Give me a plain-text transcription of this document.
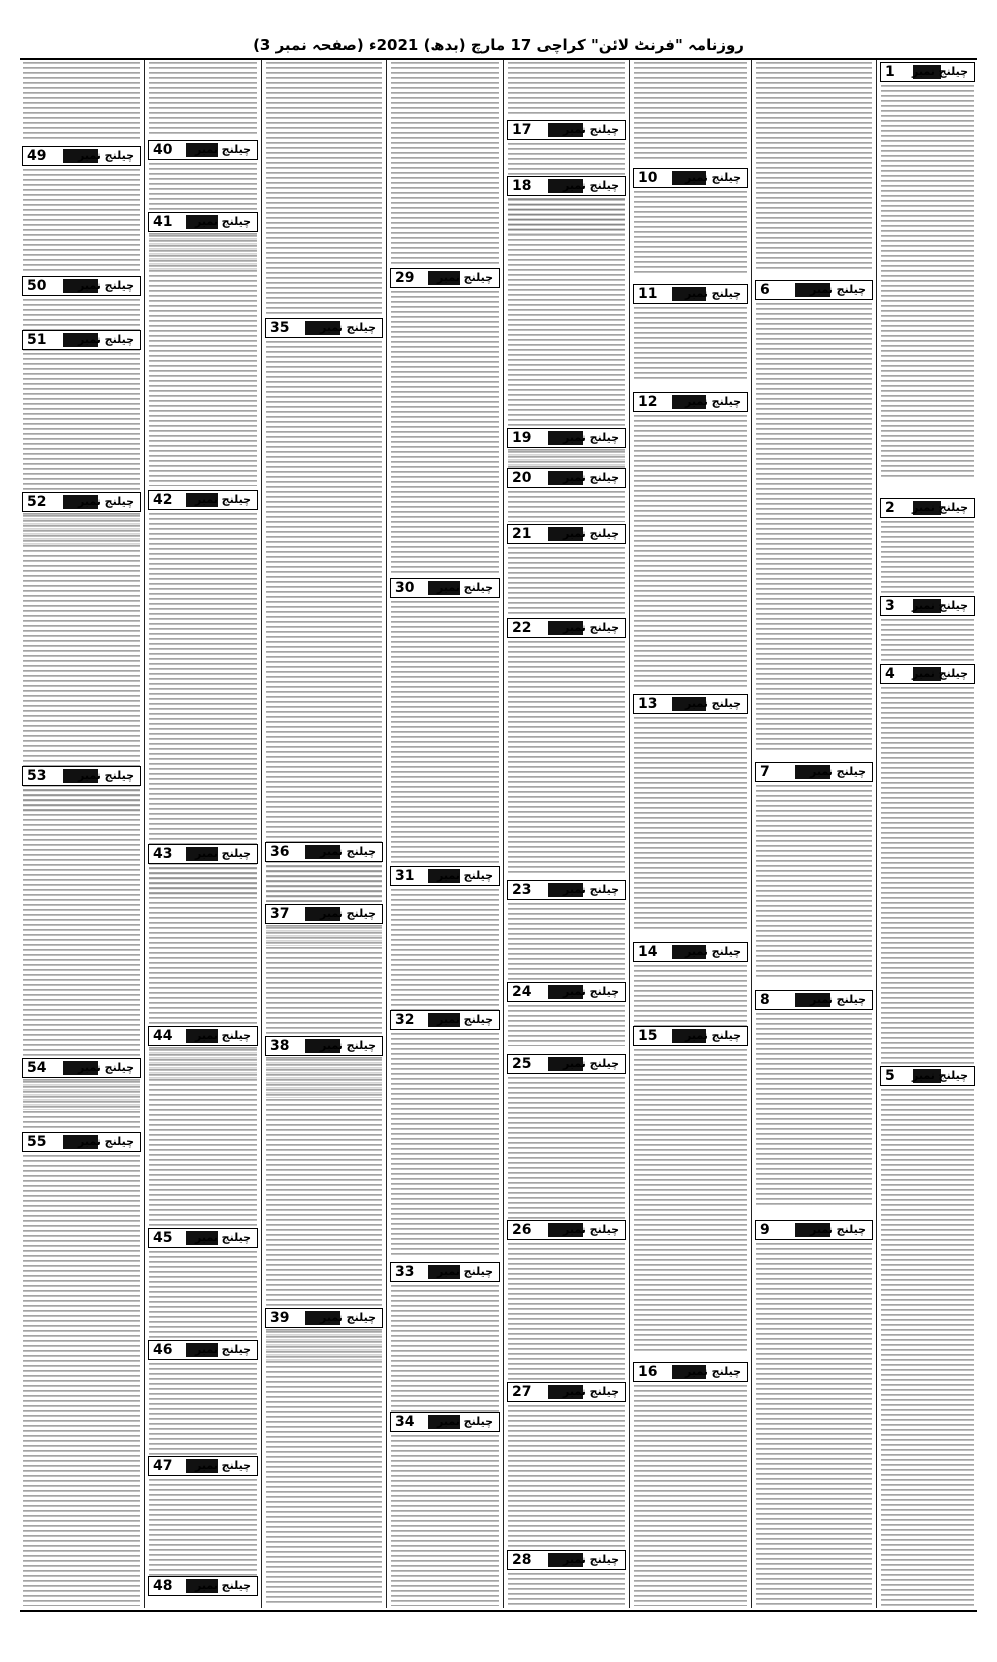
روزنامہ "فرنٹ لائن" کراچی 17 مارچ (بدھ) 2021ء (صفحہ نمبر 3)
1 چیلنج نمبر
2 چیلنج نمبر
3 چیلنج نمبر
4 چیلنج نمبر
5 چیلنج نمبر
6	چیلنج نمبر
7	چیلنج نمبر
8	چیلنج نمبر
9	چیلنج نمبر
10	چیلنج نمبر
11	چیلنج نمبر
12	چیلنج نمبر
13	چیلنج نمبر
14	چیلنج نمبر
15	چیلنج نمبر
16	چیلنج نمبر
17	چیلنج نمبر
18	چیلنج نمبر
19	چیلنج نمبر
20	چیلنج نمبر
21	چیلنج نمبر
22	چیلنج نمبر
23	چیلنج نمبر
24	چیلنج نمبر
25	چیلنج نمبر
26	چیلنج نمبر
27	چیلنج نمبر
28	چیلنج نمبر
29 چیلنج نمبر
30 چیلنج نمبر
31 چیلنج نمبر
32 چیلنج نمبر
33 چیلنج نمبر
34 چیلنج نمبر
35	چیلنج نمبر
36	چیلنج نمبر
37	چیلنج نمبر
38	چیلنج نمبر
39	چیلنج نمبر
40 چیلنج نمبر
41 چیلنج نمبر
42 چیلنج نمبر
43 چیلنج نمبر
44 چیلنج نمبر
45 چیلنج نمبر
46 چیلنج نمبر
47 چیلنج نمبر
48 چیلنج نمبر
49	چیلنج نمبر
50	چیلنج نمبر
51	چیلنج نمبر
52	چیلنج نمبر
53	چیلنج نمبر
54	چیلنج نمبر
55	چیلنج نمبر
